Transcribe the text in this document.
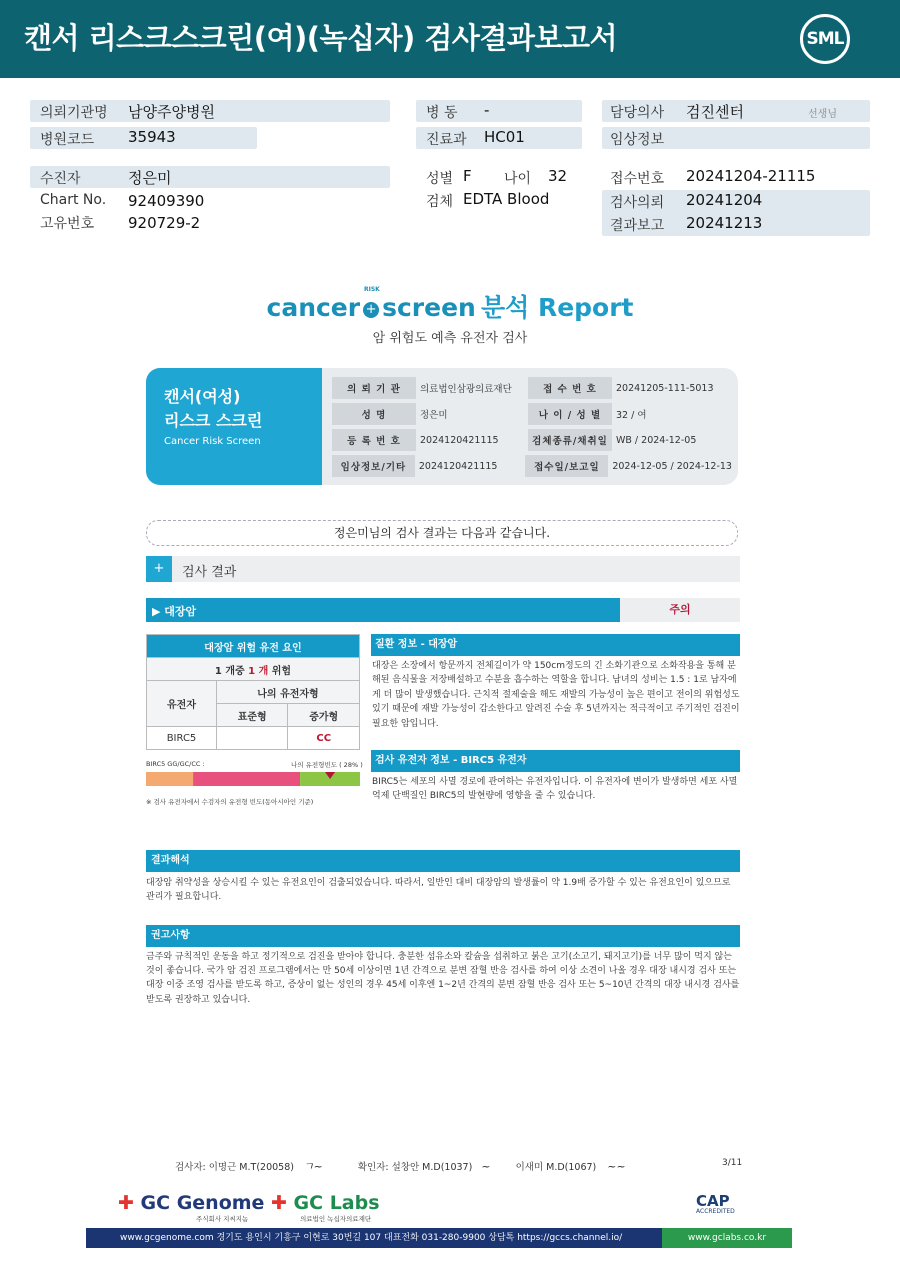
캔서 리스크스크린(여)(녹십자) 검사결과보고서	SML
의뢰기관명 남양주양병원
병원코드 35943
병 동 -
진료과 HC01
담당의사 검진센터	선생님
임상정보
수진자	정은미
Chart No. 92409390
고유번호 920729-2
성별 F 나이 32
검체 EDTA Blood
접수번호 20241204-21115
검사의뢰 20241204
결과보고 20241213
cancer + screen 분석 Report
RISK
암 위험도 예측 유전자 검사
캔서(여성)
리스크 스크린
Cancer Risk Screen
의 뢰 기 관	의료법인삼광의료재단	접 수 번 호	20241205-111-5013
성 명	정은미	나 이 / 성 별	32 / 여
등 록 번 호	2024120421115	검체종류/채취일 WB / 2024-12-05
임상정보/기타	2024120421115	접수일/보고일	2024-12-05 / 2024-12-13
정은미님의 검사 결과는 다음과 같습니다.
+	검사 결과
▶ 대장암	주의
대장암 위험 유전 요인		
1 개중 1 개 위험		
유전자	나의 유전자형	
	표준형	증가형
BIRC5		CC
BIRC5 GG/GC/CC :	나의 유전형빈도 ( 28% )
※ 검사 유전자에서 수검자의 유전형 빈도(동아시아인 기준)
질환 정보 - 대장암
대장은 소장에서 항문까지 전체길이가 약 150cm정도의 긴 소화기관으로 소화작용을 통해 분해된 음식물을 저장배설하고 수분을 흡수하는 역할을 합니다. 남녀의 성비는 1.5 : 1로 남자에게 더 많이 발생했습니다. 근치적 절제술을 해도 재발의 가능성이 높은 편이고 전이의 위험성도 있기 때문에 재발 가능성이 감소한다고 알려진 수술 후 5년까지는 적극적이고 주기적인 검진이 필요한 암입니다.
검사 유전자 정보 - BIRC5 유전자
BIRC5는 세포의 사멸 경로에 관여하는 유전자입니다. 이 유전자에 변이가 발생하면 세포 사멸 억제 단백질인 BIRC5의 발현량에 영향을 줄 수 있습니다.
결과해석
대장암 취약성을 상승시킬 수 있는 유전요인이 검출되었습니다. 따라서, 일반인 대비 대장암의 발생률이 약 1.9배 증가할 수 있는 유전요인이 있으므로 관리가 필요합니다.
권고사항
금주와 규칙적인 운동을 하고 정기적으로 검진을 받아야 합니다. 충분한 섬유소와 칼슘을 섭취하고 붉은 고기(소고기, 돼지고기)를 너무 많이 먹지 않는 것이 좋습니다. 국가 암 검진 프로그램에서는 만 50세 이상이면 1년 간격으로 분변 잠혈 반응 검사를 하여 이상 소견이 나올 경우 대장 내시경 검사 또는 대장 이중 조영 검사를 받도록 하고, 증상이 없는 성인의 경우 45세 이후엔 1~2년 간격의 분변 잠혈 반응 검사 또는 5~10년 간격의 대장 내시경 검사를 받도록 권장하고 있습니다.
검사자: 이명근 M.T(20058) ㄱ~	확인자: 설창안 M.D(1037) ~	이새미 M.D(1067) ~~	3/11
✚ GC Genome
주식회사 지씨지놈
✚ GC Labs
의료법인 녹십자의료재단
CAP
ACCREDITED
www.gcgenome.com 경기도 용인시 기흥구 이현로 30번길 107 대표전화 031-280-9900 상담톡 https://gccs.channel.io/	www.gclabs.co.kr
